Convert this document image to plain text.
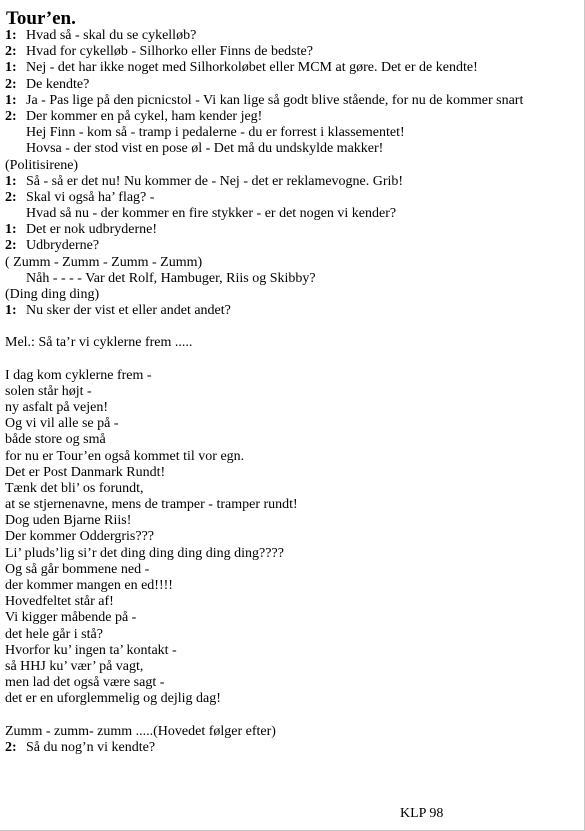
Tour’en.
1: Hvad så - skal du se cykelløb?
2: Hvad for cykelløb - Silhorko eller Finns de bedste?
1: Nej - det har ikke noget med Silhorkoløbet eller MCM at gøre. Det er de kendte!
2: De kendte?
1: Ja - Pas lige på den picnicstol - Vi kan lige så godt blive stående, for nu de kommer snart
2: Der kommer en på cykel, ham kender jeg!
Hej Finn - kom så - tramp i pedalerne - du er forrest i klassementet!
Hovsa - der stod vist en pose øl - Det må du undskylde makker!
(Politisirene)
1: Så - så er det nu! Nu kommer de - Nej - det er reklamevogne. Grib!
2: Skal vi også ha’ flag? -
Hvad så nu - der kommer en fire stykker - er det nogen vi kender?
1: Det er nok udbryderne!
2: Udbryderne?
( Zumm - Zumm - Zumm - Zumm)
Nåh - - - - Var det Rolf, Hambuger, Riis og Skibby?
(Ding ding ding)
1: Nu sker der vist et eller andet andet?
Mel.: Så ta’r vi cyklerne frem .....
I dag kom cyklerne frem -
solen står højt -
ny asfalt på vejen!
Og vi vil alle se på -
både store og små
for nu er Tour’en også kommet til vor egn.
Det er Post Danmark Rundt!
Tænk det bli’ os forundt,
at se stjernenavne, mens de tramper - tramper rundt!
Dog uden Bjarne Riis!
Der kommer Oddergris???
Li’ pluds’lig si’r det ding ding ding ding ding????
Og så går bommene ned -
der kommer mangen en ed!!!!
Hovedfeltet står af!
Vi kigger måbende på -
det hele går i stå?
Hvorfor ku’ ingen ta’ kontakt -
så HHJ ku’ vær’ på vagt,
men lad det også være sagt -
det er en uforglemmelig og dejlig dag!
Zumm - zumm- zumm .....(Hovedet følger efter)
2: Så du nog’n vi kendte?
KLP 98
